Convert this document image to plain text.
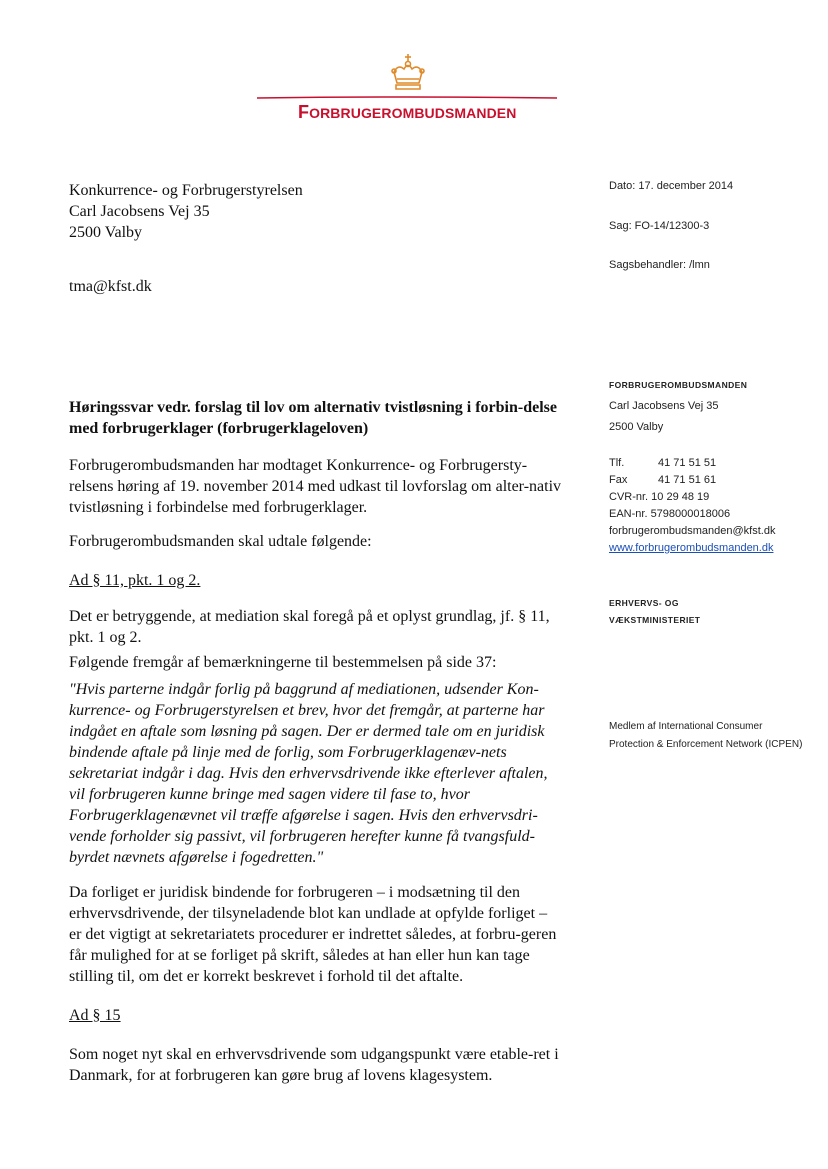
FORBRUGEROMBUDSMANDEN
Konkurrence- og Forbrugerstyrelsen
Carl Jacobsens Vej 35
2500 Valby
tma@kfst.dk
Dato: 17. december 2014
Sag: FO-14/12300-3
Sagsbehandler: /lmn
FORBRUGEROMBUDSMANDEN
Carl Jacobsens Vej 35
2500 Valby
Tlf.	41 71 51 51
Fax	41 71 51 61
CVR-nr. 10 29 48 19
EAN-nr. 5798000018006
forbrugerombudsmanden@kfst.dk
www.forbrugerombudsmanden.dk
ERHVERVS- OG
VÆKSTMINISTERIET
Medlem af International Consumer Protection & Enforcement Network (ICPEN)
Høringssvar vedr. forslag til lov om alternativ tvistløsning i forbin-delse med forbrugerklager (forbrugerklageloven)
Forbrugerombudsmanden har modtaget Konkurrence- og Forbrugersty-relsens høring af 19. november 2014 med udkast til lovforslag om alter-nativ tvistløsning i forbindelse med forbrugerklager.
Forbrugerombudsmanden skal udtale følgende:
Ad § 11, pkt. 1 og 2.
Det er betryggende, at mediation skal foregå på et oplyst grundlag, jf. § 11, pkt. 1 og 2.
Følgende fremgår af bemærkningerne til bestemmelsen på side 37:
"Hvis parterne indgår forlig på baggrund af mediationen, udsender Kon-kurrence- og Forbrugerstyrelsen et brev, hvor det fremgår, at parterne har indgået en aftale som løsning på sagen. Der er dermed tale om en juridisk bindende aftale på linje med de forlig, som Forbrugerklagenæv-nets sekretariat indgår i dag. Hvis den erhvervsdrivende ikke efterlever aftalen, vil forbrugeren kunne bringe med sagen videre til fase to, hvor Forbrugerklagenævnet vil træffe afgørelse i sagen. Hvis den erhvervsdri-vende forholder sig passivt, vil forbrugeren herefter kunne få tvangsfuld-byrdet nævnets afgørelse i fogedretten."
Da forliget er juridisk bindende for forbrugeren – i modsætning til den erhvervsdrivende, der tilsyneladende blot kan undlade at opfylde forliget – er det vigtigt at sekretariatets procedurer er indrettet således, at forbru-geren får mulighed for at se forliget på skrift, således at han eller hun kan tage stilling til, om det er korrekt beskrevet i forhold til det aftalte.
Ad § 15
Som noget nyt skal en erhvervsdrivende som udgangspunkt være etable-ret i Danmark, for at forbrugeren kan gøre brug af lovens klagesystem.
